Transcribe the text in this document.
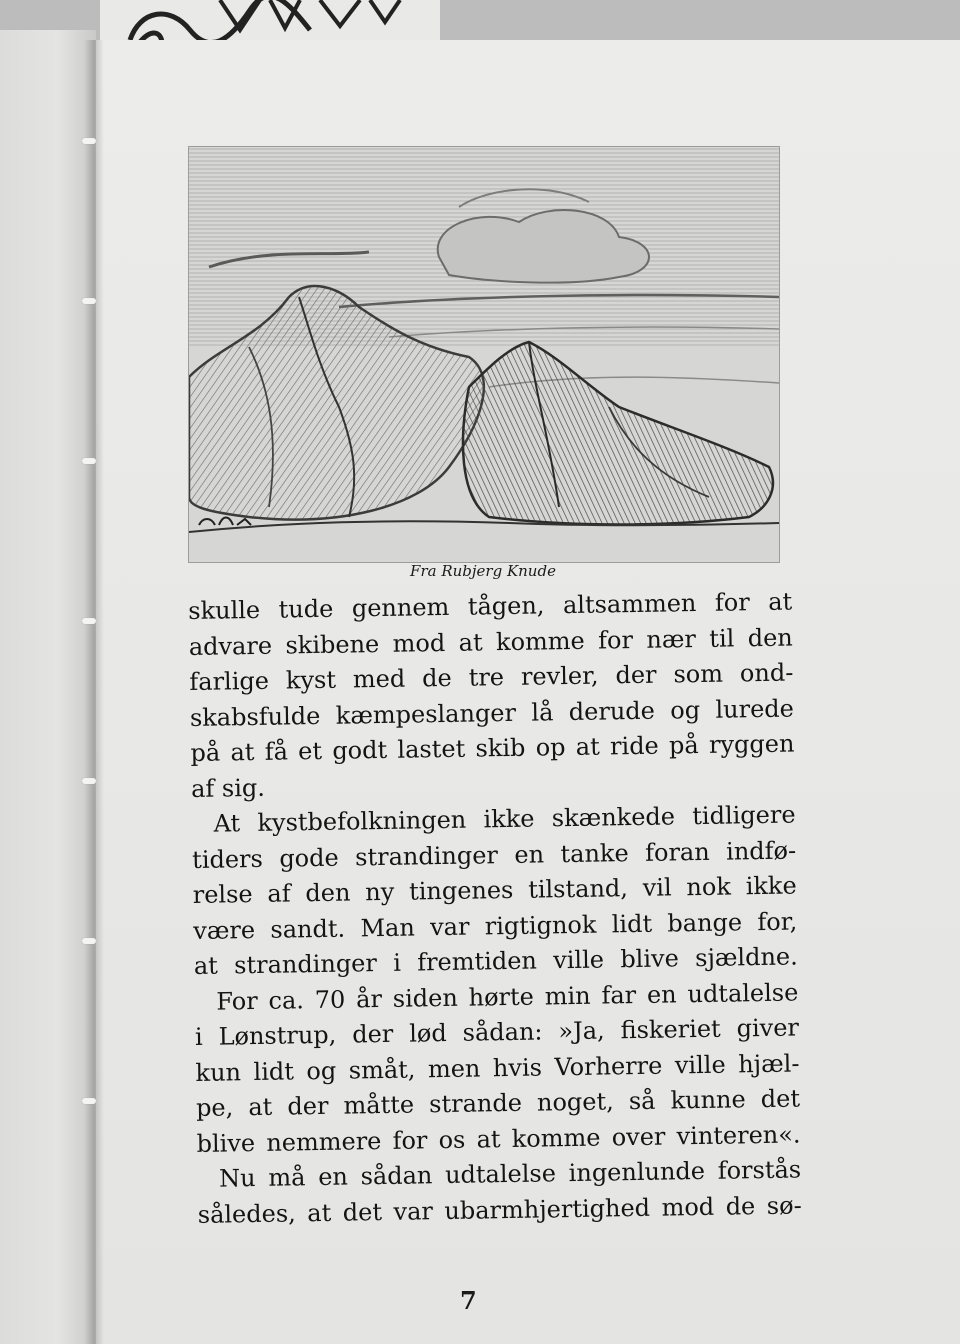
Fra Rubjerg Knude
skulle tude gennem tågen, altsammen for at
advare skibene mod at komme for nær til den
farlige kyst med de tre revler, der som ond-
skabsfulde kæmpeslanger lå derude og lurede
på at få et godt lastet skib op at ride på ryggen
af sig.
At kystbefolkningen ikke skænkede tidligere
tiders gode strandinger en tanke foran indfø-
relse af den ny tingenes tilstand, vil nok ikke
være sandt. Man var rigtignok lidt bange for,
at strandinger i fremtiden ville blive sjældne.
For ca. 70 år siden hørte min far en udtalelse
i Lønstrup, der lød sådan: »Ja, fiskeriet giver
kun lidt og småt, men hvis Vorherre ville hjæl-
pe, at der måtte strande noget, så kunne det
blive nemmere for os at komme over vinteren«.
Nu må en sådan udtalelse ingenlunde forstås
således, at det var ubarmhjertighed mod de sø-
7
